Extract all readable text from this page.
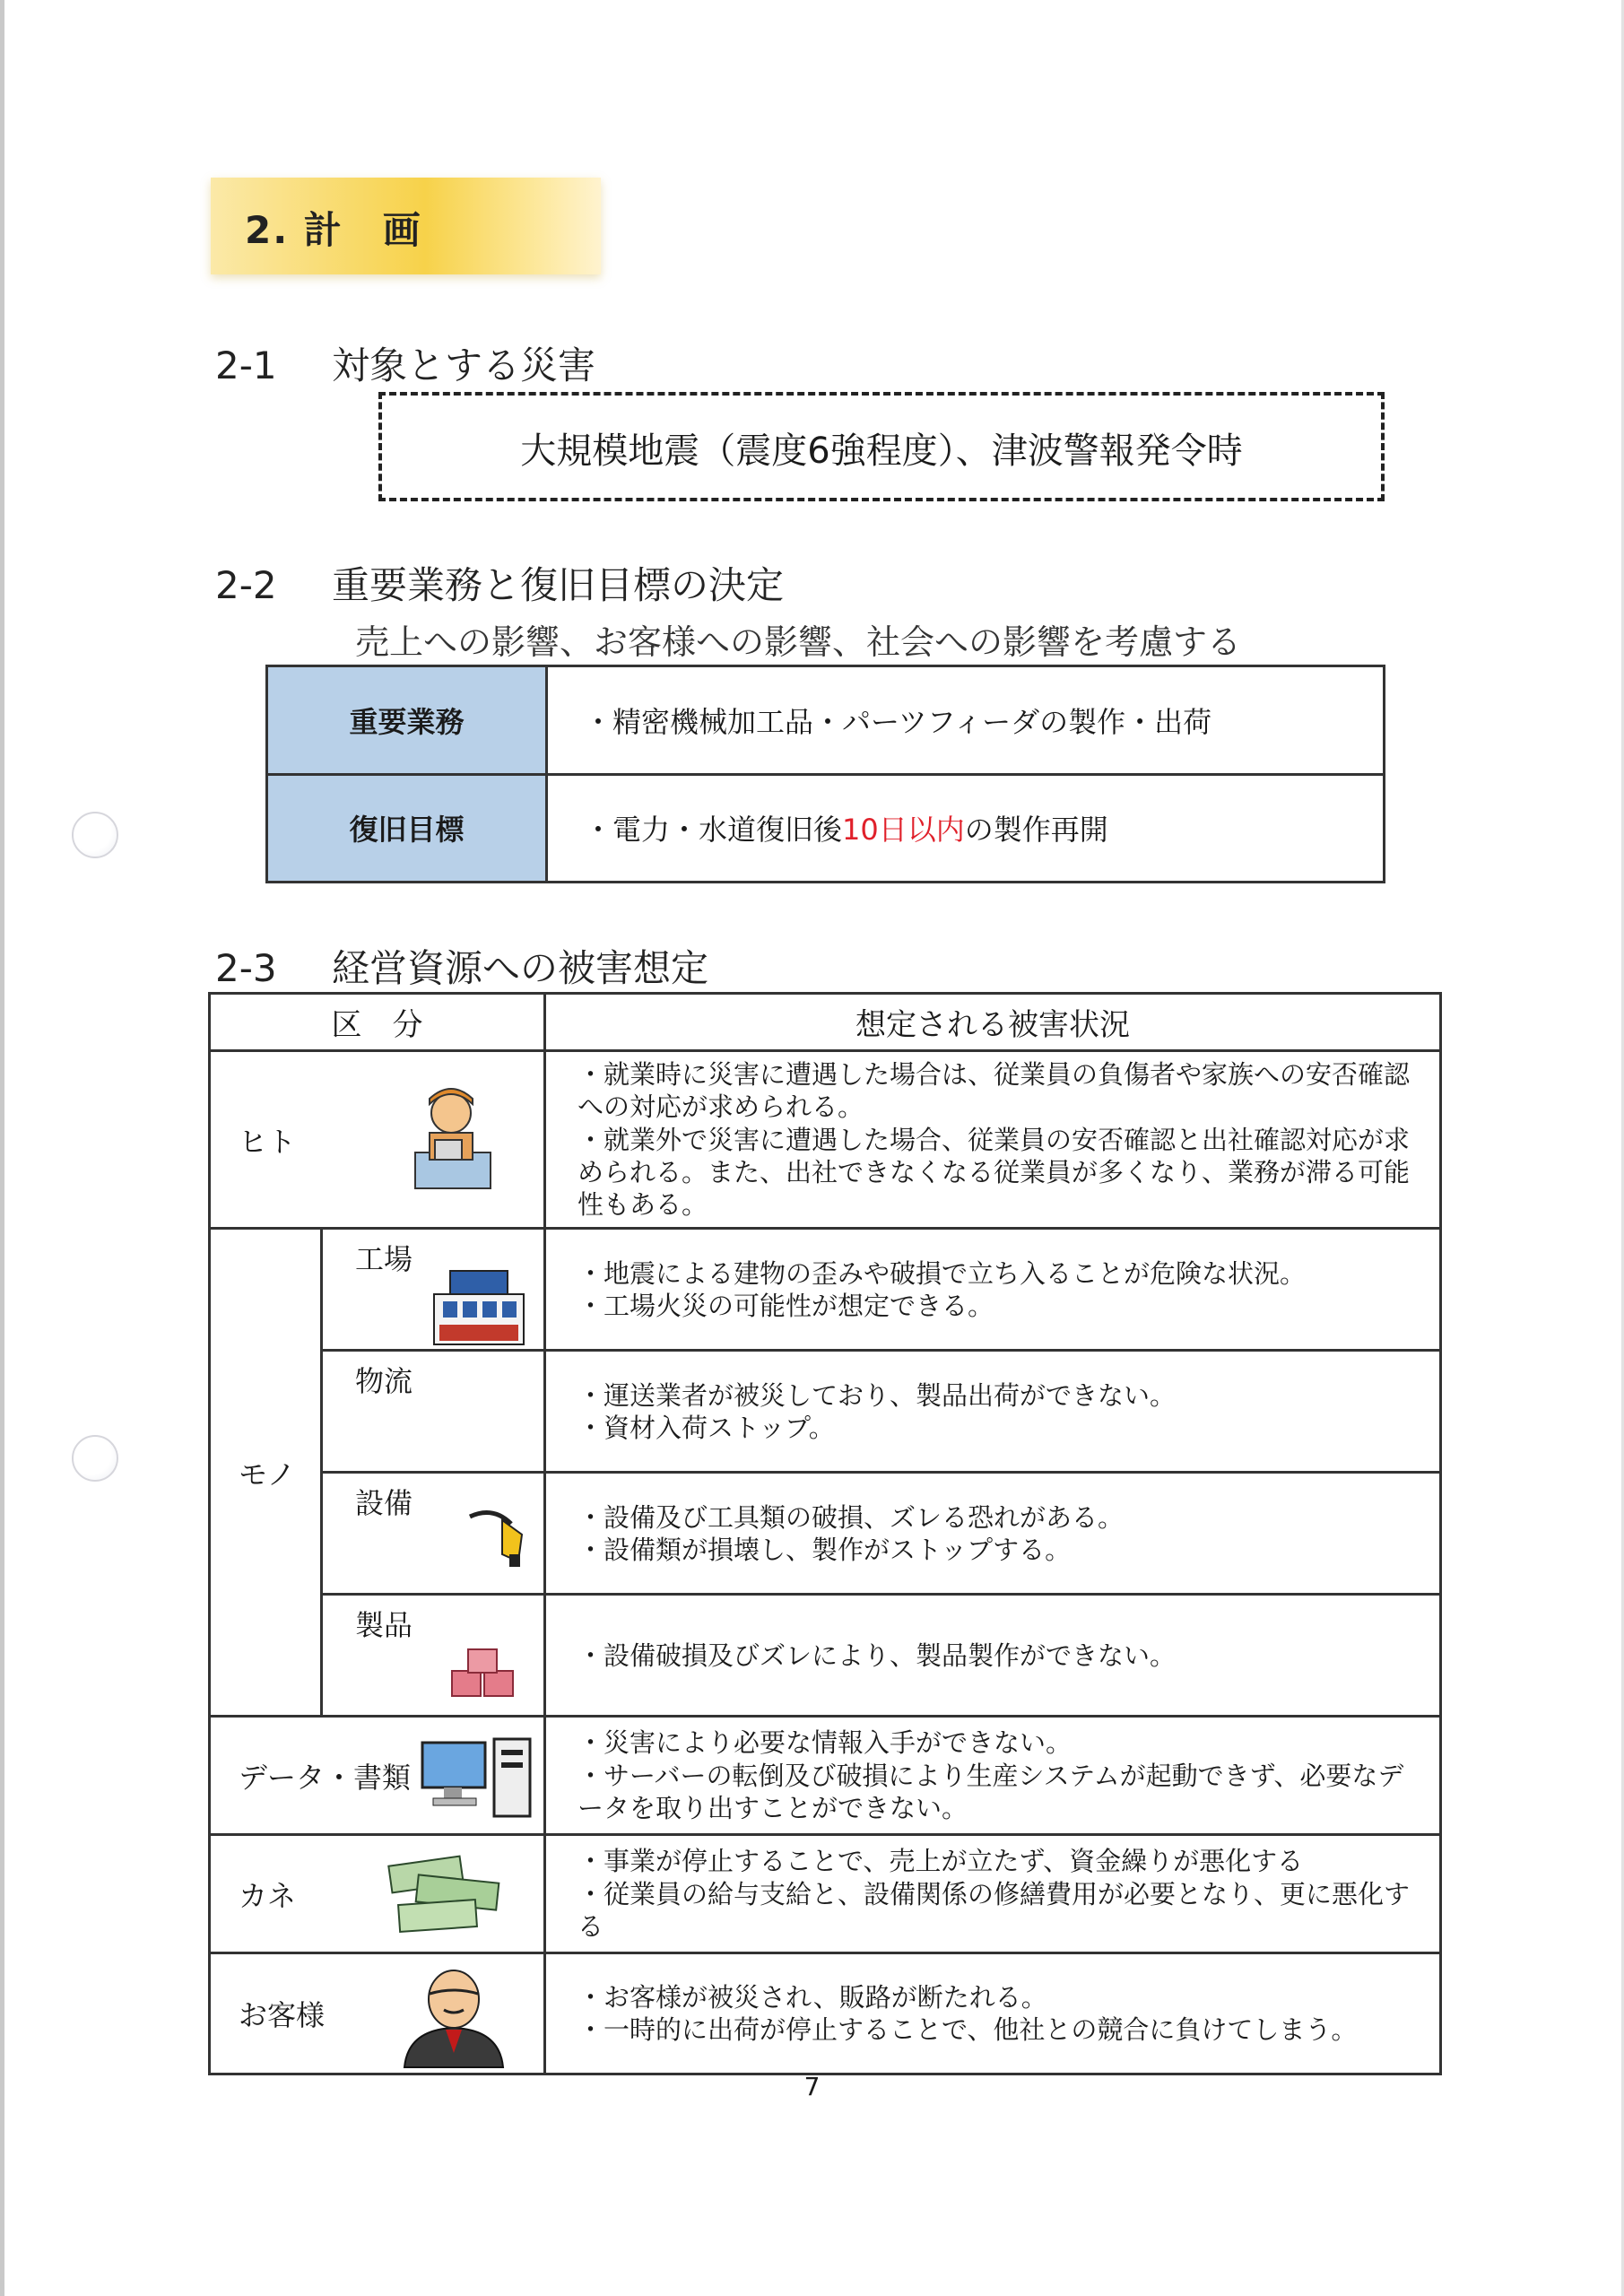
2. 計　画
2-1 対象とする災害
大規模地震（震度6強程度）、津波警報発令時
2-2 重要業務と復旧目標の決定
売上への影響、お客様への影響、社会への影響を考慮する
重要業務	・精密機械加工品・パーツフィーダの製作・出荷
復旧目標	・電力・水道復旧後10日以内の製作再開
2-3 経営資源への被害想定
区　分		想定される被害状況
ヒト		・就業時に災害に遭遇した場合は、従業員の負傷者や家族への安否確認への対応が求められる。
・就業外で災害に遭遇した場合、従業員の安否確認と出社確認対応が求められる。また、出社できなくなる従業員が多くなり、業務が滞る可能性もある。

モノ	工場	・地震による建物の歪みや破損で立ち入ることが危険な状況。
・工場火災の可能性が想定できる。

	物流	・運送業者が被災しており、製品出荷ができない。
・資材入荷ストップ。

	設備	・設備及び工具類の破損、ズレる恐れがある。
・設備類が損壊し、製作がストップする。

	製品	・設備破損及びズレにより、製品製作ができない。

データ・書類		・災害により必要な情報入手ができない。
・サーバーの転倒及び破損により生産システムが起動できず、必要なデータを取り出すことができない。

カネ		・事業が停止することで、売上が立たず、資金繰りが悪化する
・従業員の給与支給と、設備関係の修繕費用が必要となり、更に悪化する

お客様		・お客様が被災され、販路が断たれる。
・一時的に出荷が停止することで、他社との競合に負けてしまう。
7
